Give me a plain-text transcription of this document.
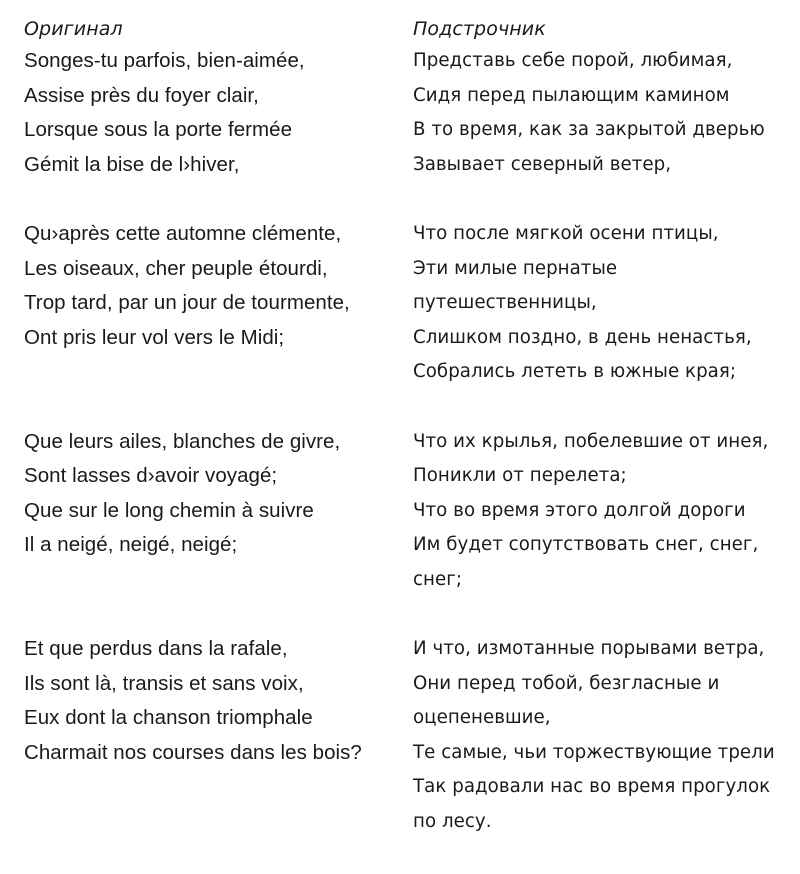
Оригинал
Songes-tu parfois, bien-aimée,
Assise près du foyer clair,
Lorsque sous la porte fermée
Gémit la bise de l›hiver,
Qu›après cette automne clémente,
Les oiseaux, cher peuple étourdi,
Trop tard, par un jour de tourmente,
Ont pris leur vol vers le Midi;
Que leurs ailes, blanches de givre,
Sont lasses d›avoir voyagé;
Que sur le long chemin à suivre
Il a neigé, neigé, neigé;
Et que perdus dans la rafale,
Ils sont là, transis et sans voix,
Eux dont la chanson triomphale
Charmait nos courses dans les bois?
Подстрочник
Представь себе порой, любимая,
Сидя перед пылающим камином
В то время, как за закрытой дверью
Завывает северный ветер,
Что после мягкой осени птицы,
Эти милые пернатые
путешественницы,
Слишком поздно, в день ненастья,
Собрались лететь в южные края;
Что их крылья, побелевшие от инея,
Поникли от перелета;
Что во время этого долгой дороги
Им будет сопутствовать снег, снег,
снег;
И что, измотанные порывами ветра,
Они перед тобой, безгласные и
оцепеневшие,
Те самые, чьи торжествующие трели
Так радовали нас во время прогулок
по лесу.
